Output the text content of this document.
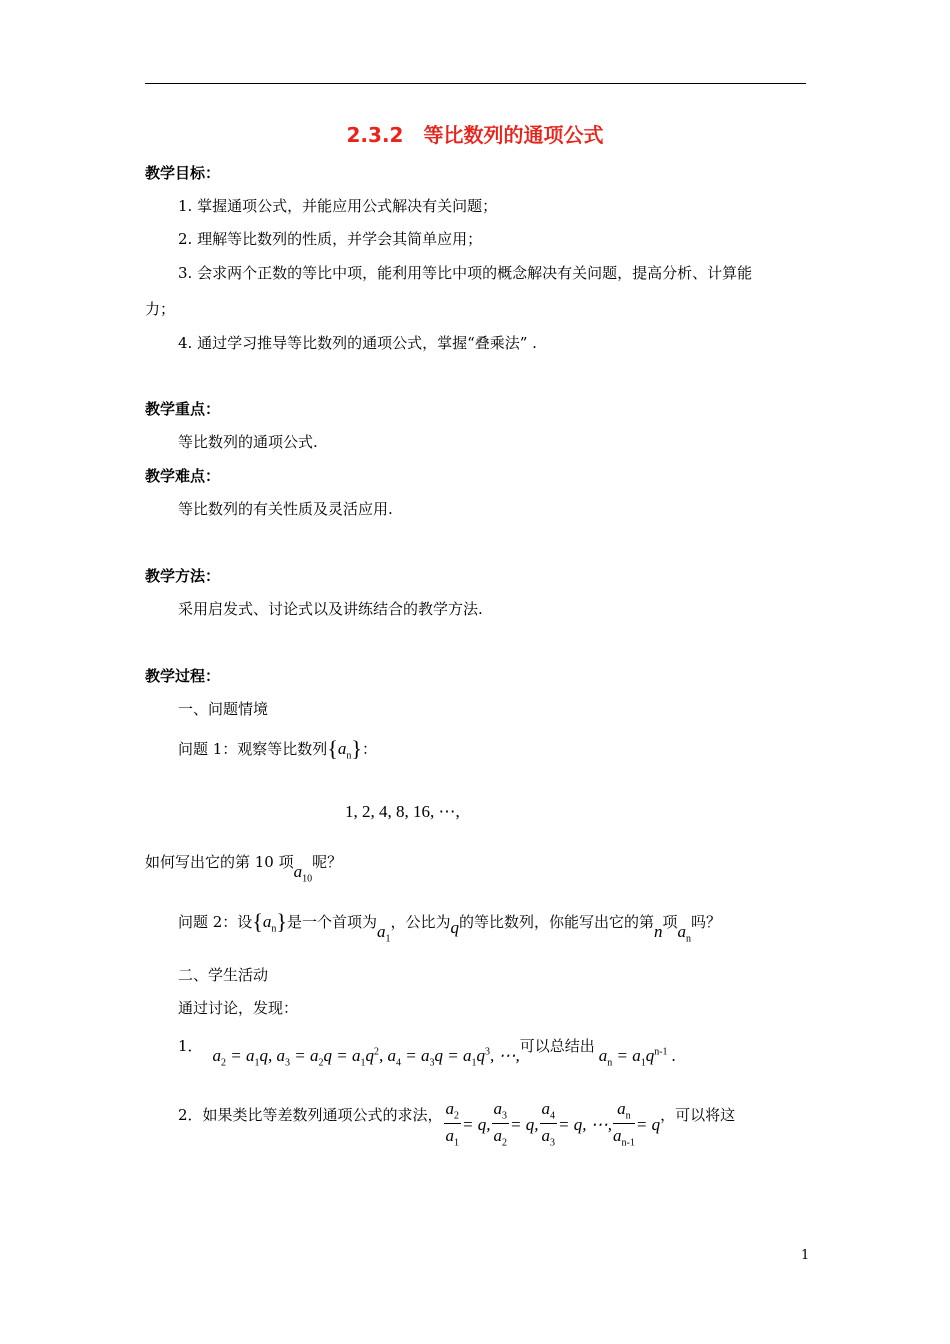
2.3.2　等比数列的通项公式
教学目标：
1. 掌握通项公式，并能应用公式解决有关问题；
2. 理解等比数列的性质，并学会其简单应用；
3. 会求两个正数的等比中项，能利用等比中项的概念解决有关问题，提高分析、计算能
力；
4. 通过学习推导等比数列的通项公式，掌握“叠乘法” .
教学重点：
等比数列的通项公式.
教学难点：
等比数列的有关性质及灵活应用.
教学方法：
采用启发式、讨论式以及讲练结合的教学方法.
教学过程：
一、问题情境
问题 1：观察等比数列$\{a_n\}$：
1, 2, 4, 8, 16, ⋯,
如何写出它的第 10 项$a_{10}$呢？
问题 2：设$\{a_n\}$是一个首项为$a_1$，公比为q的等比数列，你能写出它的第n项$a_n$吗？
二、学生活动
通过讨论，发现：
1． $a_2 = a_1q$, $a_3 = a_2q = a_1q^2$, $a_4 = a_3q = a_1q^3$, ⋯,可以总结出 $a_n = a_1q^{n-1}$ .
2．如果类比等差数列通项公式的求法， $\frac{a_2}{a_1} = q$, $\frac{a_3}{a_2} = q$, $\frac{a_4}{a_3} = q$, ⋯, $\frac{a_n}{a_{n-1}} = q$ ，可以将这
1
